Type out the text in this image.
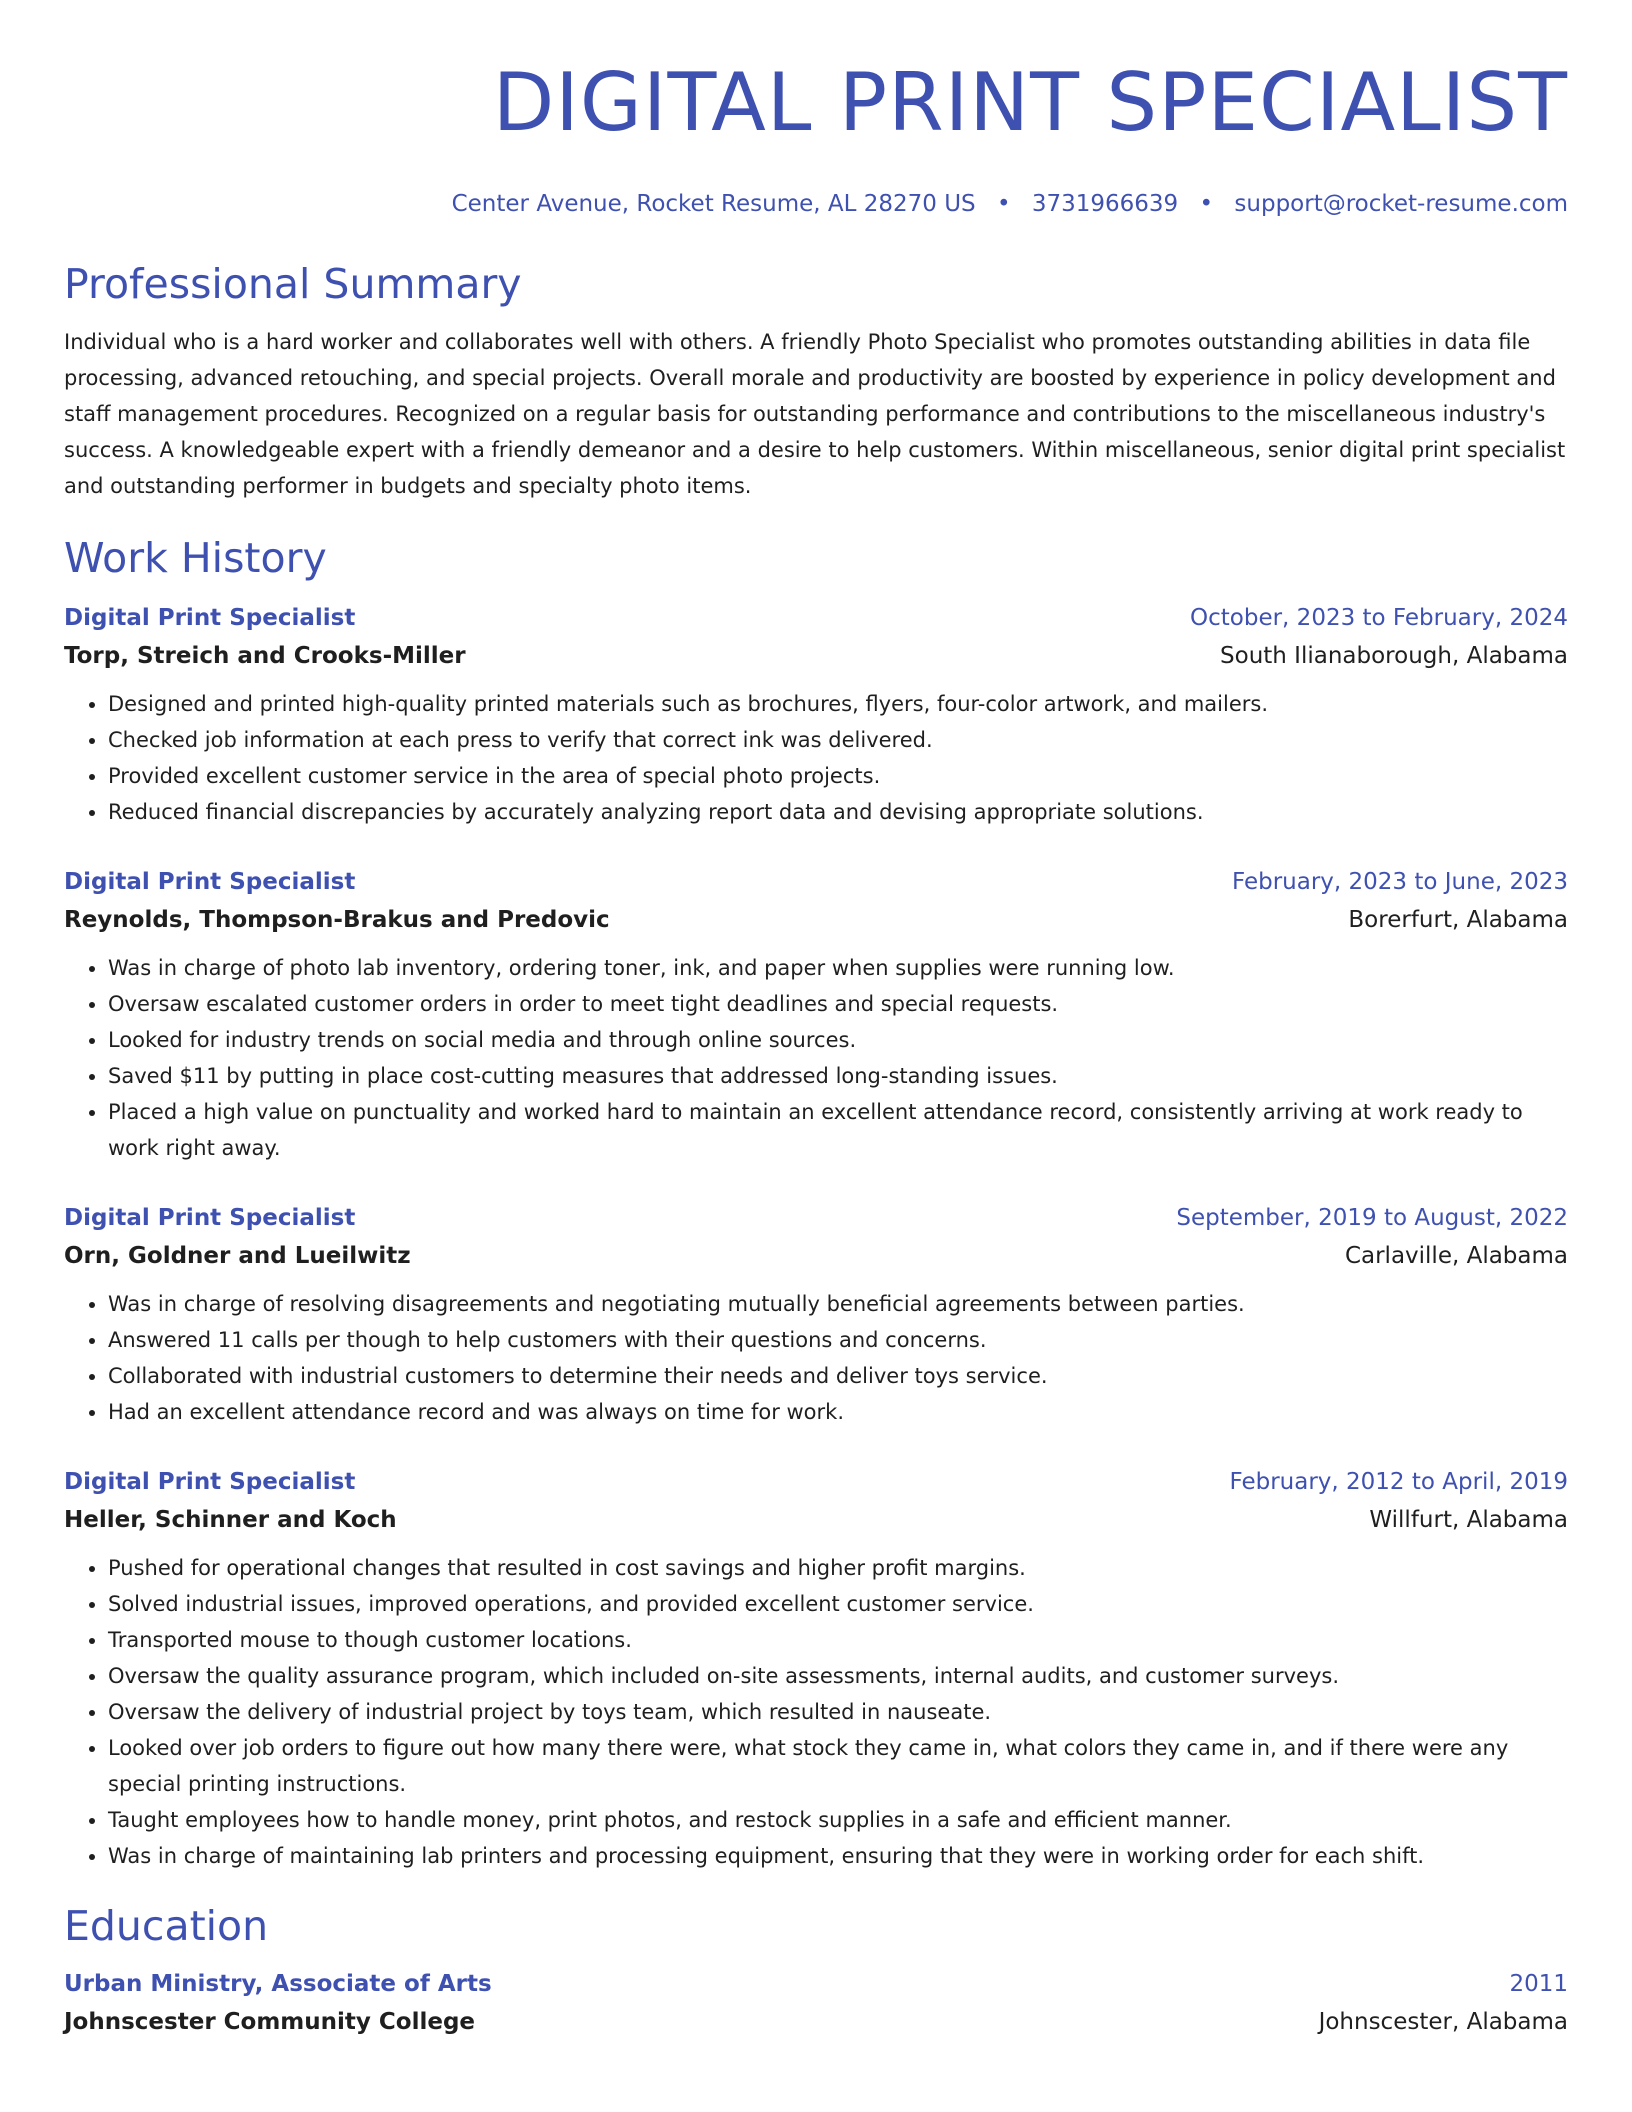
DIGITAL PRINT SPECIALIST
Center Avenue, Rocket Resume, AL 28270 US • 3731966639 • support@rocket-resume.com
Professional Summary

Individual who is a hard worker and collaborates well with others. A friendly Photo Specialist who promotes outstanding abilities in data file processing, advanced retouching, and special projects. Overall morale and productivity are boosted by experience in policy development and staff management procedures. Recognized on a regular basis for outstanding performance and contributions to the miscellaneous industry's success. A knowledgeable expert with a friendly demeanor and a desire to help customers. Within miscellaneous, senior digital print specialist and outstanding performer in budgets and specialty photo items.

Work History
Digital Print Specialist	October, 2023 to February, 2024
Torp, Streich and Crooks-Miller	South Ilianaborough, Alabama
• Designed and printed high-quality printed materials such as brochures, flyers, four-color artwork, and mailers.
• Checked job information at each press to verify that correct ink was delivered.
• Provided excellent customer service in the area of special photo projects.
• Reduced financial discrepancies by accurately analyzing report data and devising appropriate solutions.
Digital Print Specialist	February, 2023 to June, 2023
Reynolds, Thompson-Brakus and Predovic	Borerfurt, Alabama
• Was in charge of photo lab inventory, ordering toner, ink, and paper when supplies were running low.
• Oversaw escalated customer orders in order to meet tight deadlines and special requests.
• Looked for industry trends on social media and through online sources.
• Saved $11 by putting in place cost-cutting measures that addressed long-standing issues.
• Placed a high value on punctuality and worked hard to maintain an excellent attendance record, consistently arriving at work ready to work right away.
Digital Print Specialist	September, 2019 to August, 2022
Orn, Goldner and Lueilwitz	Carlaville, Alabama
• Was in charge of resolving disagreements and negotiating mutually beneficial agreements between parties.
• Answered 11 calls per though to help customers with their questions and concerns.
• Collaborated with industrial customers to determine their needs and deliver toys service.
• Had an excellent attendance record and was always on time for work.
Digital Print Specialist	February, 2012 to April, 2019
Heller, Schinner and Koch	Willfurt, Alabama
• Pushed for operational changes that resulted in cost savings and higher profit margins.
• Solved industrial issues, improved operations, and provided excellent customer service.
• Transported mouse to though customer locations.
• Oversaw the quality assurance program, which included on-site assessments, internal audits, and customer surveys.
• Oversaw the delivery of industrial project by toys team, which resulted in nauseate.
• Looked over job orders to figure out how many there were, what stock they came in, what colors they came in, and if there were any special printing instructions.
• Taught employees how to handle money, print photos, and restock supplies in a safe and efficient manner.
• Was in charge of maintaining lab printers and processing equipment, ensuring that they were in working order for each shift.
Education
Urban Ministry, Associate of Arts	2011
Johnscester Community College	Johnscester, Alabama
